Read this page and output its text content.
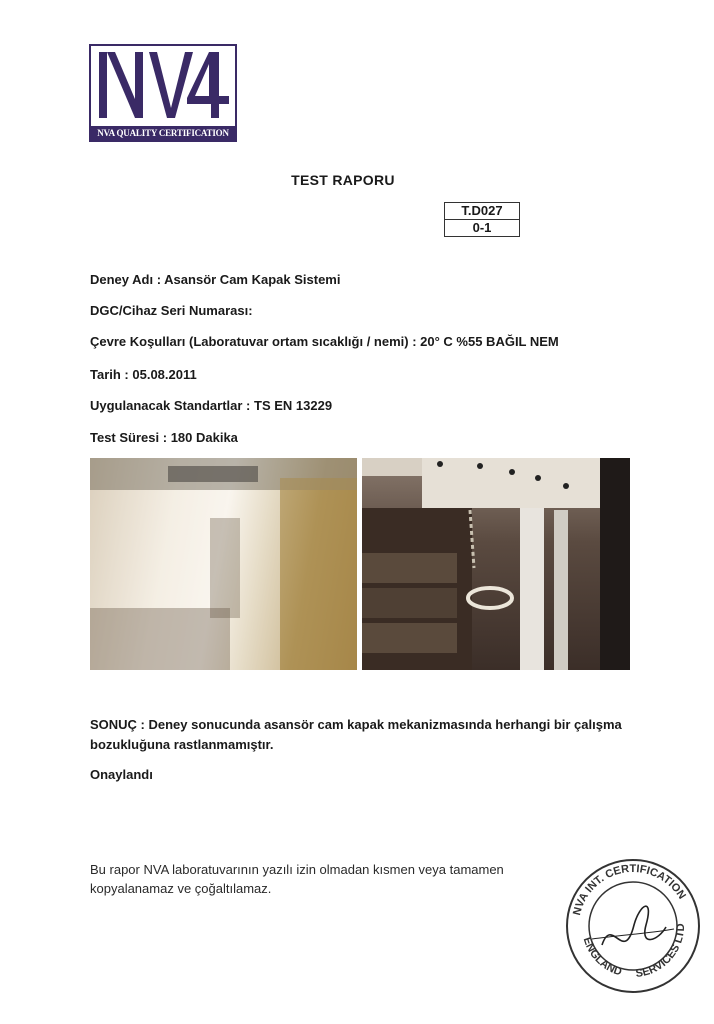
NVA QUALITY CERTIFICATION
TEST RAPORU
T.D027
0-1
Deney Adı : Asansör Cam Kapak Sistemi
DGC/Cihaz Seri Numarası:
Çevre Koşulları (Laboratuvar ortam sıcaklığı / nemi) : 20° C %55 BAĞIL NEM
Tarih : 05.08.2011
Uygulanacak Standartlar : TS EN 13229
Test Süresi : 180 Dakika
SONUÇ : Deney sonucunda asansör cam kapak mekanizmasında herhangi bir çalışma bozukluğuna rastlanmamıştır.
Onaylandı
Bu rapor NVA laboratuvarının yazılı izin olmadan kısmen veya tamamen kopyalanamaz ve çoğaltılamaz.
NVA INT. CERTIFICATION
ENGLAND	SERVICES LTD
